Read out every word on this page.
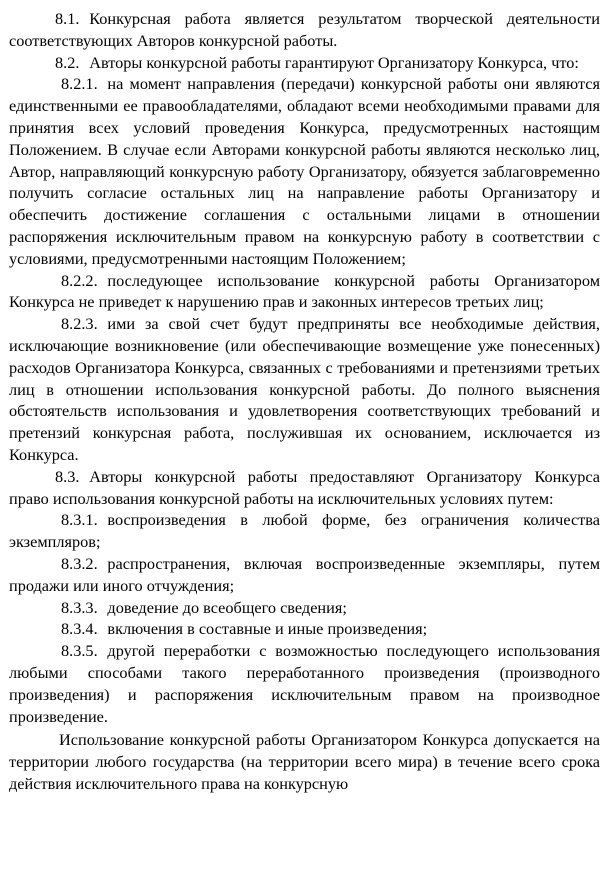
8.1. Конкурсная работа является результатом творческой деятельности соответствующих Авторов конкурсной работы.

8.2. Авторы конкурсной работы гарантируют Организатору Конкурса, что:

8.2.1. на момент направления (передачи) конкурсной работы они являются единственными ее правообладателями, обладают всеми необходимыми правами для принятия всех условий проведения Конкурса, предусмотренных настоящим Положением. В случае если Авторами конкурсной работы являются несколько лиц, Автор, направляющий конкурсную работу Организатору, обязуется заблаговременно получить согласие остальных лиц на направление работы Организатору и обеспечить достижение соглашения с остальными лицами в отношении распоряжения исключительным правом на конкурсную работу в соответствии с условиями, предусмотренными настоящим Положением;

8.2.2. последующее использование конкурсной работы Организатором Конкурса не приведет к нарушению прав и законных интересов третьих лиц;

8.2.3. ими за свой счет будут предприняты все необходимые действия, исключающие возникновение (или обеспечивающие возмещение уже понесенных) расходов Организатора Конкурса, связанных с требованиями и претензиями третьих лиц в отношении использования конкурсной работы. До полного выяснения обстоятельств использования и удовлетворения соответствующих требований и претензий конкурсная работа, послужившая их основанием, исключается из Конкурса.

8.3. Авторы конкурсной работы предоставляют Организатору Конкурса право использования конкурсной работы на исключительных условиях путем:

8.3.1. воспроизведения в любой форме, без ограничения количества экземпляров;

8.3.2. распространения, включая воспроизведенные экземпляры, путем продажи или иного отчуждения;

8.3.3. доведение до всеобщего сведения;

8.3.4. включения в составные и иные произведения;

8.3.5. другой переработки с возможностью последующего использования любыми способами такого переработанного произведения (производного произведения) и распоряжения исключительным правом на производное произведение.

Использование конкурсной работы Организатором Конкурса допускается на территории любого государства (на территории всего мира) в течение всего срока действия исключительного права на конкурсную
